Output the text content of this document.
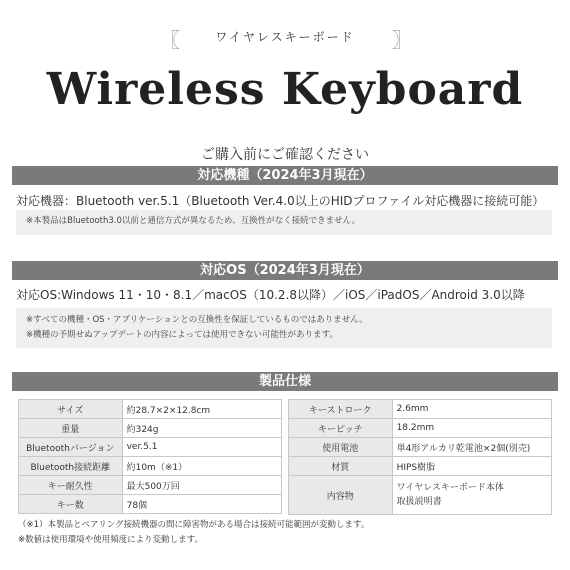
〖	ワイヤレスキーボード	〗
Wireless Keyboard
ご購入前にご確認ください
対応機種（2024年3月現在）
対応機器：Bluetooth ver.5.1（Bluetooth Ver.4.0以上のHIDプロファイル対応機器に接続可能）
※本製品はBluetooth3.0以前と通信方式が異なるため、互換性がなく接続できません。
対応OS（2024年3月現在）
対応OS:Windows 11・10・8.1／macOS（10.2.8以降）／iOS／iPadOS／Android 3.0以降
※すべての機種・OS・アプリケーションとの互換性を保証しているものではありません。
※機種の予期せぬアップデートの内容によっては使用できない可能性があります。
製品仕様
サイズ	約28.7×2×12.8cm
重量	約324g
Bluetoothバージョン	ver.5.1
Bluetooth接続距離	約10m（※1）
キー耐久性	最大500万回
キー数	78個
キーストローク	2.6mm
キーピッチ	18.2mm
使用電池	単4形アルカリ乾電池×2個(別売)
材質	HIPS樹脂
内容物	ワイヤレスキーボード本体
取扱説明書
（※1）本製品とペアリング接続機器の間に障害物がある場合は接続可能範囲が変動します。
※数値は使用環境や使用頻度により変動します。
